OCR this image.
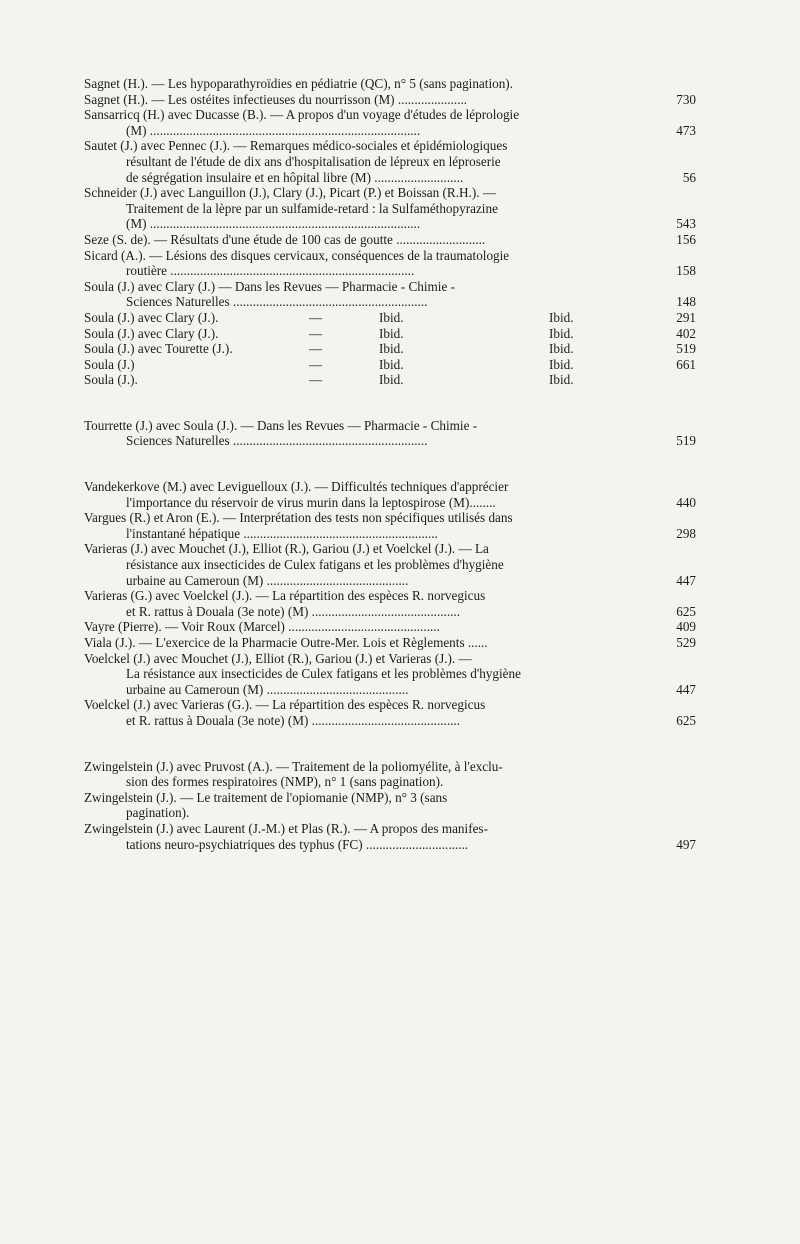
Sagnet (H.). — Les hypoparathyroïdies en pédiatrie (QC), n° 5 (sans pagination).
Sagnet (H.). — Les ostéites infectieuses du nourrisson (M) .....................	730
Sansarricq (H.) avec Ducasse (B.). — A propos d'un voyage d'études de léprologie
(M) ..................................................................................	473
Sautet (J.) avec Pennec (J.). — Remarques médico-sociales et épidémiologiques
résultant de l'étude de dix ans d'hospitalisation de lépreux en léproserie
de ségrégation insulaire et en hôpital libre (M) ...........................	56
Schneider (J.) avec Languillon (J.), Clary (J.), Picart (P.) et Boissan (R.H.). —
Traitement de la lèpre par un sulfamide-retard : la Sulfaméthopyrazine
(M) ..................................................................................	543
Seze (S. de). — Résultats d'une étude de 100 cas de goutte ...........................	156
Sicard (A.). — Lésions des disques cervicaux, conséquences de la traumatologie
routière ..........................................................................	158
Soula (J.) avec Clary (J.) — Dans les Revues — Pharmacie - Chimie -
Sciences Naturelles ...........................................................	148
Soula (J.) avec Clary (J.).	—	Ibid.	Ibid.	291
Soula (J.) avec Clary (J.).	—	Ibid.	Ibid.	402
Soula (J.) avec Tourette (J.).	—	Ibid.	Ibid.	519
Soula (J.)	—	Ibid.	Ibid.	661
Soula (J.).	—	Ibid.	Ibid.
Tourrette (J.) avec Soula (J.). — Dans les Revues — Pharmacie - Chimie -
Sciences Naturelles ...........................................................	519
Vandekerkove (M.) avec Leviguelloux (J.). — Difficultés techniques d'apprécier
l'importance du réservoir de virus murin dans la leptospirose (M)........	440
Vargues (R.) et Aron (E.). — Interprétation des tests non spécifiques utilisés dans
l'instantané hépatique ...........................................................	298
Varieras (J.) avec Mouchet (J.), Elliot (R.), Gariou (J.) et Voelckel (J.). — La
résistance aux insecticides de Culex fatigans et les problèmes d'hygiène
urbaine au Cameroun (M) ...........................................	447
Varieras (G.) avec Voelckel (J.). — La répartition des espèces R. norvegicus
et R. rattus à Douala (3e note) (M) .............................................	625
Vayre (Pierre). — Voir Roux (Marcel) ..............................................	409
Viala (J.). — L'exercice de la Pharmacie Outre-Mer. Lois et Règlements ......	529
Voelckel (J.) avec Mouchet (J.), Elliot (R.), Gariou (J.) et Varieras (J.). —
La résistance aux insecticides de Culex fatigans et les problèmes d'hygiène
urbaine au Cameroun (M) ...........................................	447
Voelckel (J.) avec Varieras (G.). — La répartition des espèces R. norvegicus
et R. rattus à Douala (3e note) (M) .............................................	625
Zwingelstein (J.) avec Pruvost (A.). — Traitement de la poliomyélite, à l'exclu-
sion des formes respiratoires (NMP), n° 1 (sans pagination).
Zwingelstein (J.). — Le traitement de l'opiomanie (NMP), n° 3 (sans
pagination).
Zwingelstein (J.) avec Laurent (J.-M.) et Plas (R.). — A propos des manifes-
tations neuro-psychiatriques des typhus (FC) ...............................	497
